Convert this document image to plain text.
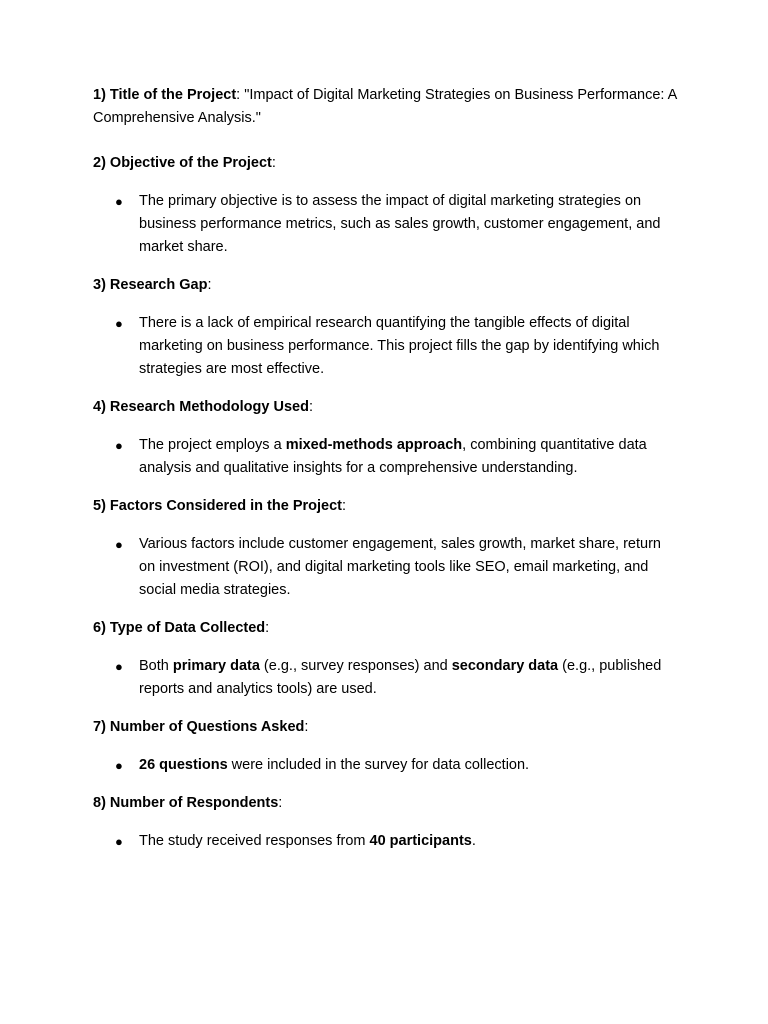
1) Title of the Project: "Impact of Digital Marketing Strategies on Business Performance: A Comprehensive Analysis."

2) Objective of the Project:

● The primary objective is to assess the impact of digital marketing strategies on business performance metrics, such as sales growth, customer engagement, and market share.

3) Research Gap:

● There is a lack of empirical research quantifying the tangible effects of digital marketing on business performance. This project fills the gap by identifying which strategies are most effective.

4) Research Methodology Used:

● The project employs a mixed-methods approach, combining quantitative data analysis and qualitative insights for a comprehensive understanding.

5) Factors Considered in the Project:

● Various factors include customer engagement, sales growth, market share, return on investment (ROI), and digital marketing tools like SEO, email marketing, and social media strategies.

6) Type of Data Collected:

● Both primary data (e.g., survey responses) and secondary data (e.g., published reports and analytics tools) are used.

7) Number of Questions Asked:

● 26 questions were included in the survey for data collection.

8) Number of Respondents:

● The study received responses from 40 participants.
